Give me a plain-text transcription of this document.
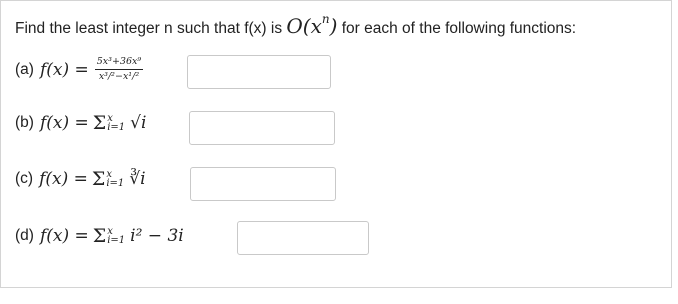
Find the least integer n such that f(x) is $O(x^n)$ for each of the following functions:
(a) $f(x) = \frac{\text{5x³+36x⁹}}{\text{x³/²−x¹/²}}$
(b) f(x) = Σ x
i=1 √i
(c) f(x) = Σ x
i=1 ∛i
(d) f(x) = Σ x
i=1 i² − 3i
